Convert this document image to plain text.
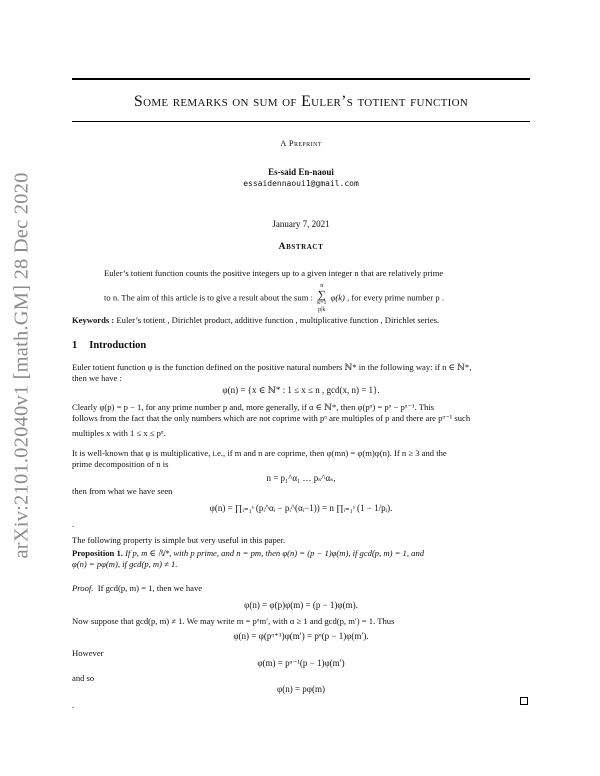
arXiv:2101.02040v1 [math.GM] 28 Dec 2020
Some remarks on sum of Euler’s totient function
A Preprint
Es-said En-naoui
essaidennaoui1@gmail.com
January 7, 2021
Abstract
Euler’s totient function counts the positive integers up to a given integer n that are relatively prime
to n. The aim of this article is to give a result about the sum : n
∑
k=1
p|k φ(k) , for every prime number p .
Keywords : Euler’s totient , Dirichlet product, additive function , multiplicative function , Dirichlet series.
1 Introduction
Euler totient function φ is the function defined on the positive natural numbers ℕ* in the following way: if n ∈ ℕ*,
then we have :
φ(n) = {x ∈ ℕ* : 1 ≤ x ≤ n , gcd(x, n) = 1}.
Clearly φ(p) = p − 1, for any prime number p and, more generally, if α ∈ ℕ*, then φ(pᵅ) = pᵅ − pᵅ⁻¹. This
follows from the fact that the only numbers which are not coprime with pᵅ are multiples of p and there are pᵅ⁻¹ such
multiples x with 1 ≤ x ≤ pᵅ.
It is well-known that φ is multiplicative, i.e., if m and n are coprime, then φ(mn) = φ(m)φ(n). If n ≥ 3 and the
prime decomposition of n is
n = p₁^α₁ … pₛ^αₛ,
then from what we have seen
φ(n) = ∏ᵢ₌₁ˢ (pᵢ^αᵢ − pᵢ^(αᵢ−1)) = n ∏ᵢ₌₁ˢ (1 − 1/pᵢ).
.
The following property is simple but very useful in this paper.
Proposition 1. If p, m ∈ ℕ*, with p prime, and n = pm, then φ(n) = (p − 1)φ(m), if gcd(p, m) = 1, and
φ(n) = pφ(m), if gcd(p, m) ≠ 1.
Proof. If gcd(p, m) = 1, then we have
φ(n) = φ(p)φ(m) = (p − 1)φ(m).
Now suppose that gcd(p, m) ≠ 1. We may write m = pᵅm′, with α ≥ 1 and gcd(p, m′) = 1. Thus
φ(n) = φ(pᵅ⁺¹)φ(m′) = pᵅ(p − 1)φ(m′).
However
φ(m) = pᵅ⁻¹(p − 1)φ(m′)
and so
φ(n) = pφ(m)
.
